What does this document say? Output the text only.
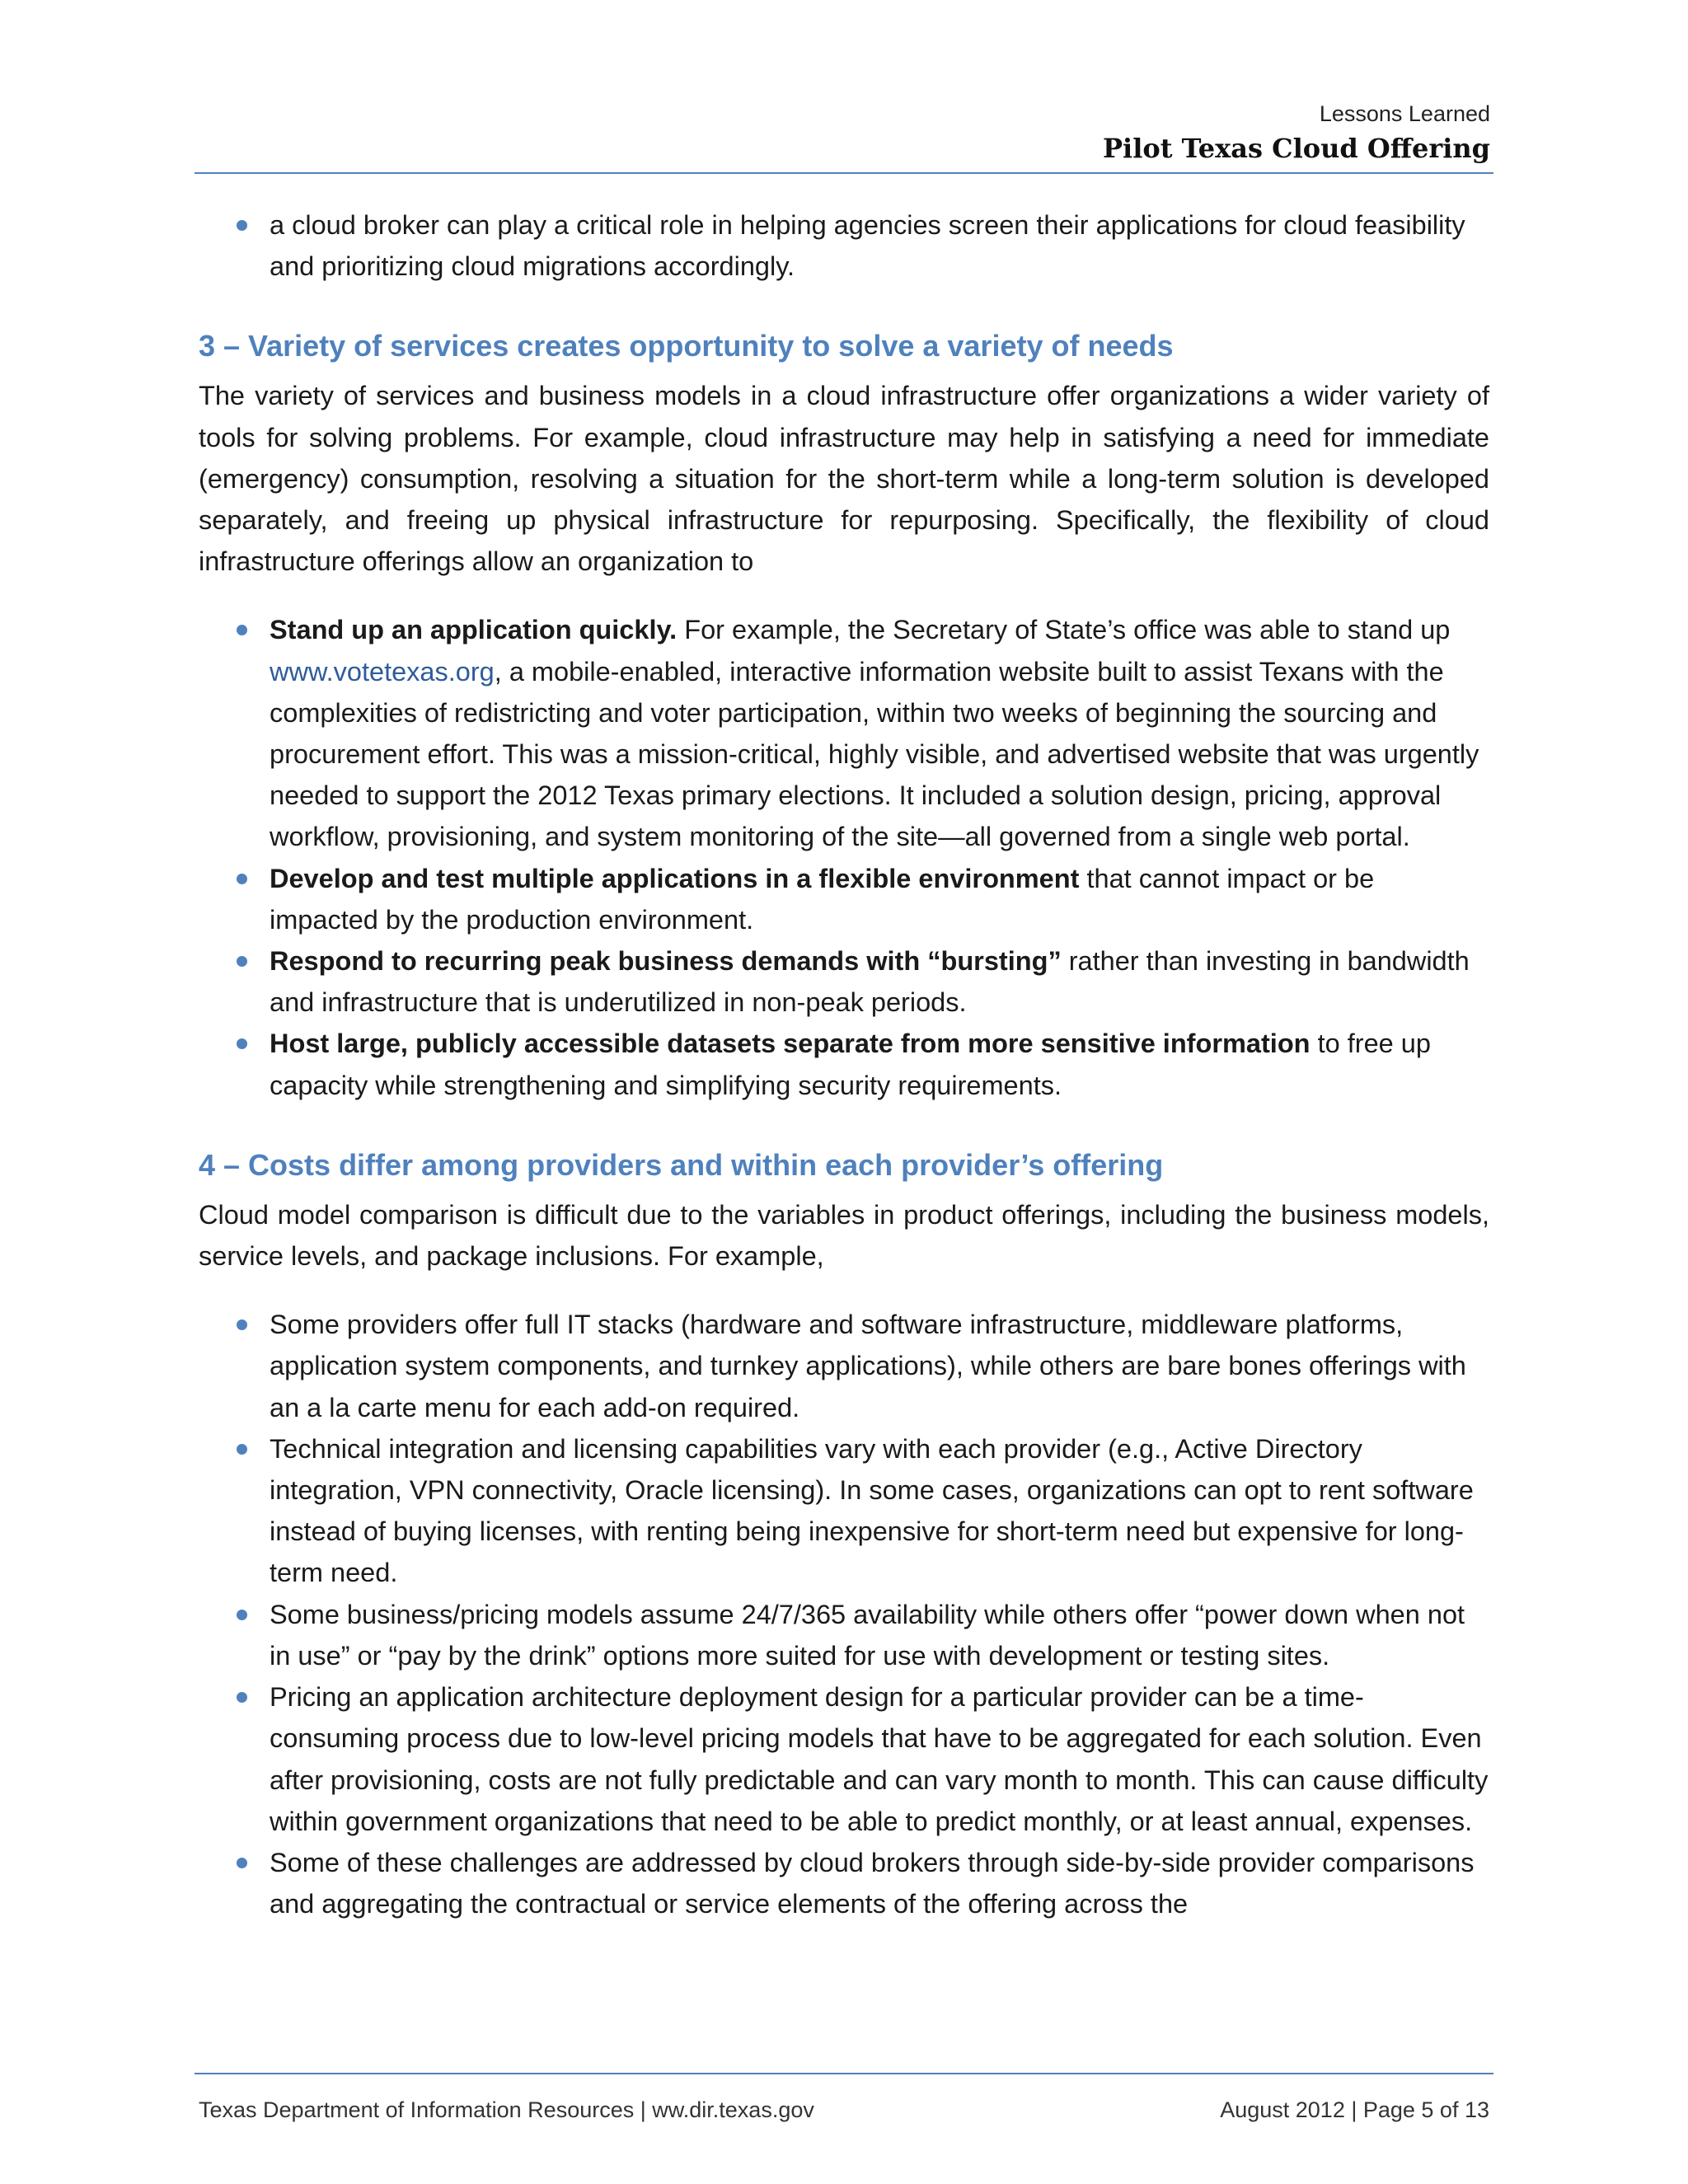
Lessons Learned
Pilot Texas Cloud Offering
a cloud broker can play a critical role in helping agencies screen their applications for cloud feasibility and prioritizing cloud migrations accordingly.
3 – Variety of services creates opportunity to solve a variety of needs

The variety of services and business models in a cloud infrastructure offer organizations a wider variety of tools for solving problems. For example, cloud infrastructure may help in satisfying a need for immediate (emergency) consumption, resolving a situation for the short-term while a long-term solution is developed separately, and freeing up physical infrastructure for repurposing. Specifically, the flexibility of cloud infrastructure offerings allow an organization to

Stand up an application quickly. For example, the Secretary of State’s office was able to stand up www.votetexas.org, a mobile-enabled, interactive information website built to assist Texans with the complexities of redistricting and voter participation, within two weeks of beginning the sourcing and procurement effort. This was a mission-critical, highly visible, and advertised website that was urgently needed to support the 2012 Texas primary elections. It included a solution design, pricing, approval workflow, provisioning, and system monitoring of the site—all governed from a single web portal.
Develop and test multiple applications in a flexible environment that cannot impact or be impacted by the production environment.
Respond to recurring peak business demands with “bursting” rather than investing in bandwidth and infrastructure that is underutilized in non-peak periods.
Host large, publicly accessible datasets separate from more sensitive information to free up capacity while strengthening and simplifying security requirements.
4 – Costs differ among providers and within each provider’s offering

Cloud model comparison is difficult due to the variables in product offerings, including the business models, service levels, and package inclusions. For example,

Some providers offer full IT stacks (hardware and software infrastructure, middleware platforms, application system components, and turnkey applications), while others are bare bones offerings with an a la carte menu for each add-on required.
Technical integration and licensing capabilities vary with each provider (e.g., Active Directory integration, VPN connectivity, Oracle licensing). In some cases, organizations can opt to rent software instead of buying licenses, with renting being inexpensive for short-term need but expensive for long-term need.
Some business/pricing models assume 24/7/365 availability while others offer “power down when not in use” or “pay by the drink” options more suited for use with development or testing sites.
Pricing an application architecture deployment design for a particular provider can be a time-consuming process due to low-level pricing models that have to be aggregated for each solution. Even after provisioning, costs are not fully predictable and can vary month to month. This can cause difficulty within government organizations that need to be able to predict monthly, or at least annual, expenses.
Some of these challenges are addressed by cloud brokers through side-by-side provider comparisons and aggregating the contractual or service elements of the offering across the
Texas Department of Information Resources | ww.dir.texas.gov	August 2012 | Page 5 of 13
